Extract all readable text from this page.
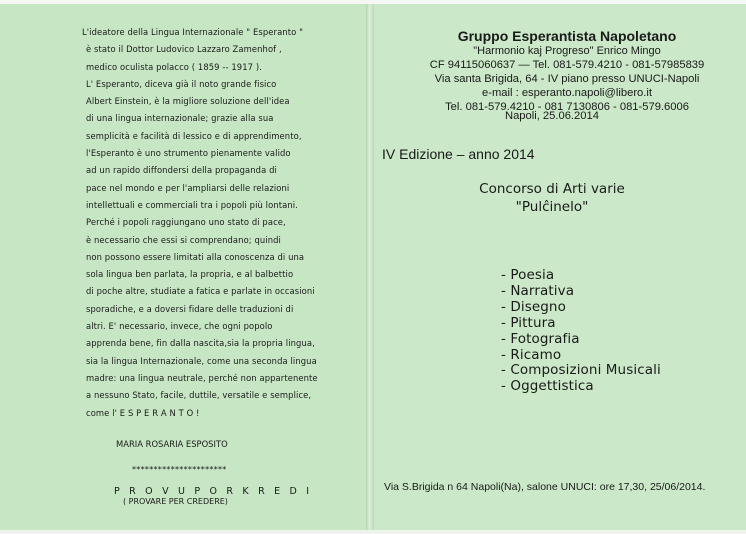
L'ideatore della Lingua Internazionale " Esperanto "
è stato il Dottor Ludovico Lazzaro Zamenhof ,
medico oculista polacco ( 1859 -- 1917 ).
L' Esperanto, diceva già il noto grande fisico
Albert Einstein, è la migliore soluzione dell'idea
di una lingua internazionale; grazie alla sua
semplicità e facilità di lessico e di apprendimento,
l'Esperanto è uno strumento pienamente valido
ad un rapido diffondersi della propaganda di
pace nel mondo e per l'ampliarsi delle relazioni
intellettuali e commerciali tra i popoli più lontani.
Perché i popoli raggiungano uno stato di pace,
è necessario che essi si comprendano; quindi
non possono essere limitati alla conoscenza di una
sola lingua ben parlata, la propria, e al balbettio
di poche altre, studiate a fatica e parlate in occasioni
sporadiche, e a doversi fidare delle traduzioni di
altri. E' necessario, invece, che ogni popolo
apprenda bene, fin dalla nascita,sia la propria lingua,
sia la lingua Internazionale, come una seconda lingua
madre: una lingua neutrale, perché non appartenente
a nessuno Stato, facile, duttile, versatile e semplice,
come l' E S P E R A N T O !
MARIA ROSARIA ESPOSITO
**********************
P R O V U P O R K R E D I
( PROVARE PER CREDERE)
Gruppo Esperantista Napoletano
"Harmonio kaj Progreso" Enrico Mingo
CF 94115060637 — Tel. 081-579.4210 - 081-57985839
Via santa Brigida, 64 - IV piano presso UNUCI-Napoli
e-mail : esperanto.napoli@libero.it
Tel. 081-579.4210 - 081 7130806 - 081-579.6006
Napoli, 25.06.2014
IV Edizione – anno 2014
Concorso di Arti varie
"Pulĉinelo"
- Poesia
- Narrativa
- Disegno
- Pittura
- Fotografia
- Ricamo
- Composizioni Musicali
- Oggettistica
Via S.Brigida n 64 Napoli(Na), salone UNUCI: ore 17,30, 25/06/2014.
